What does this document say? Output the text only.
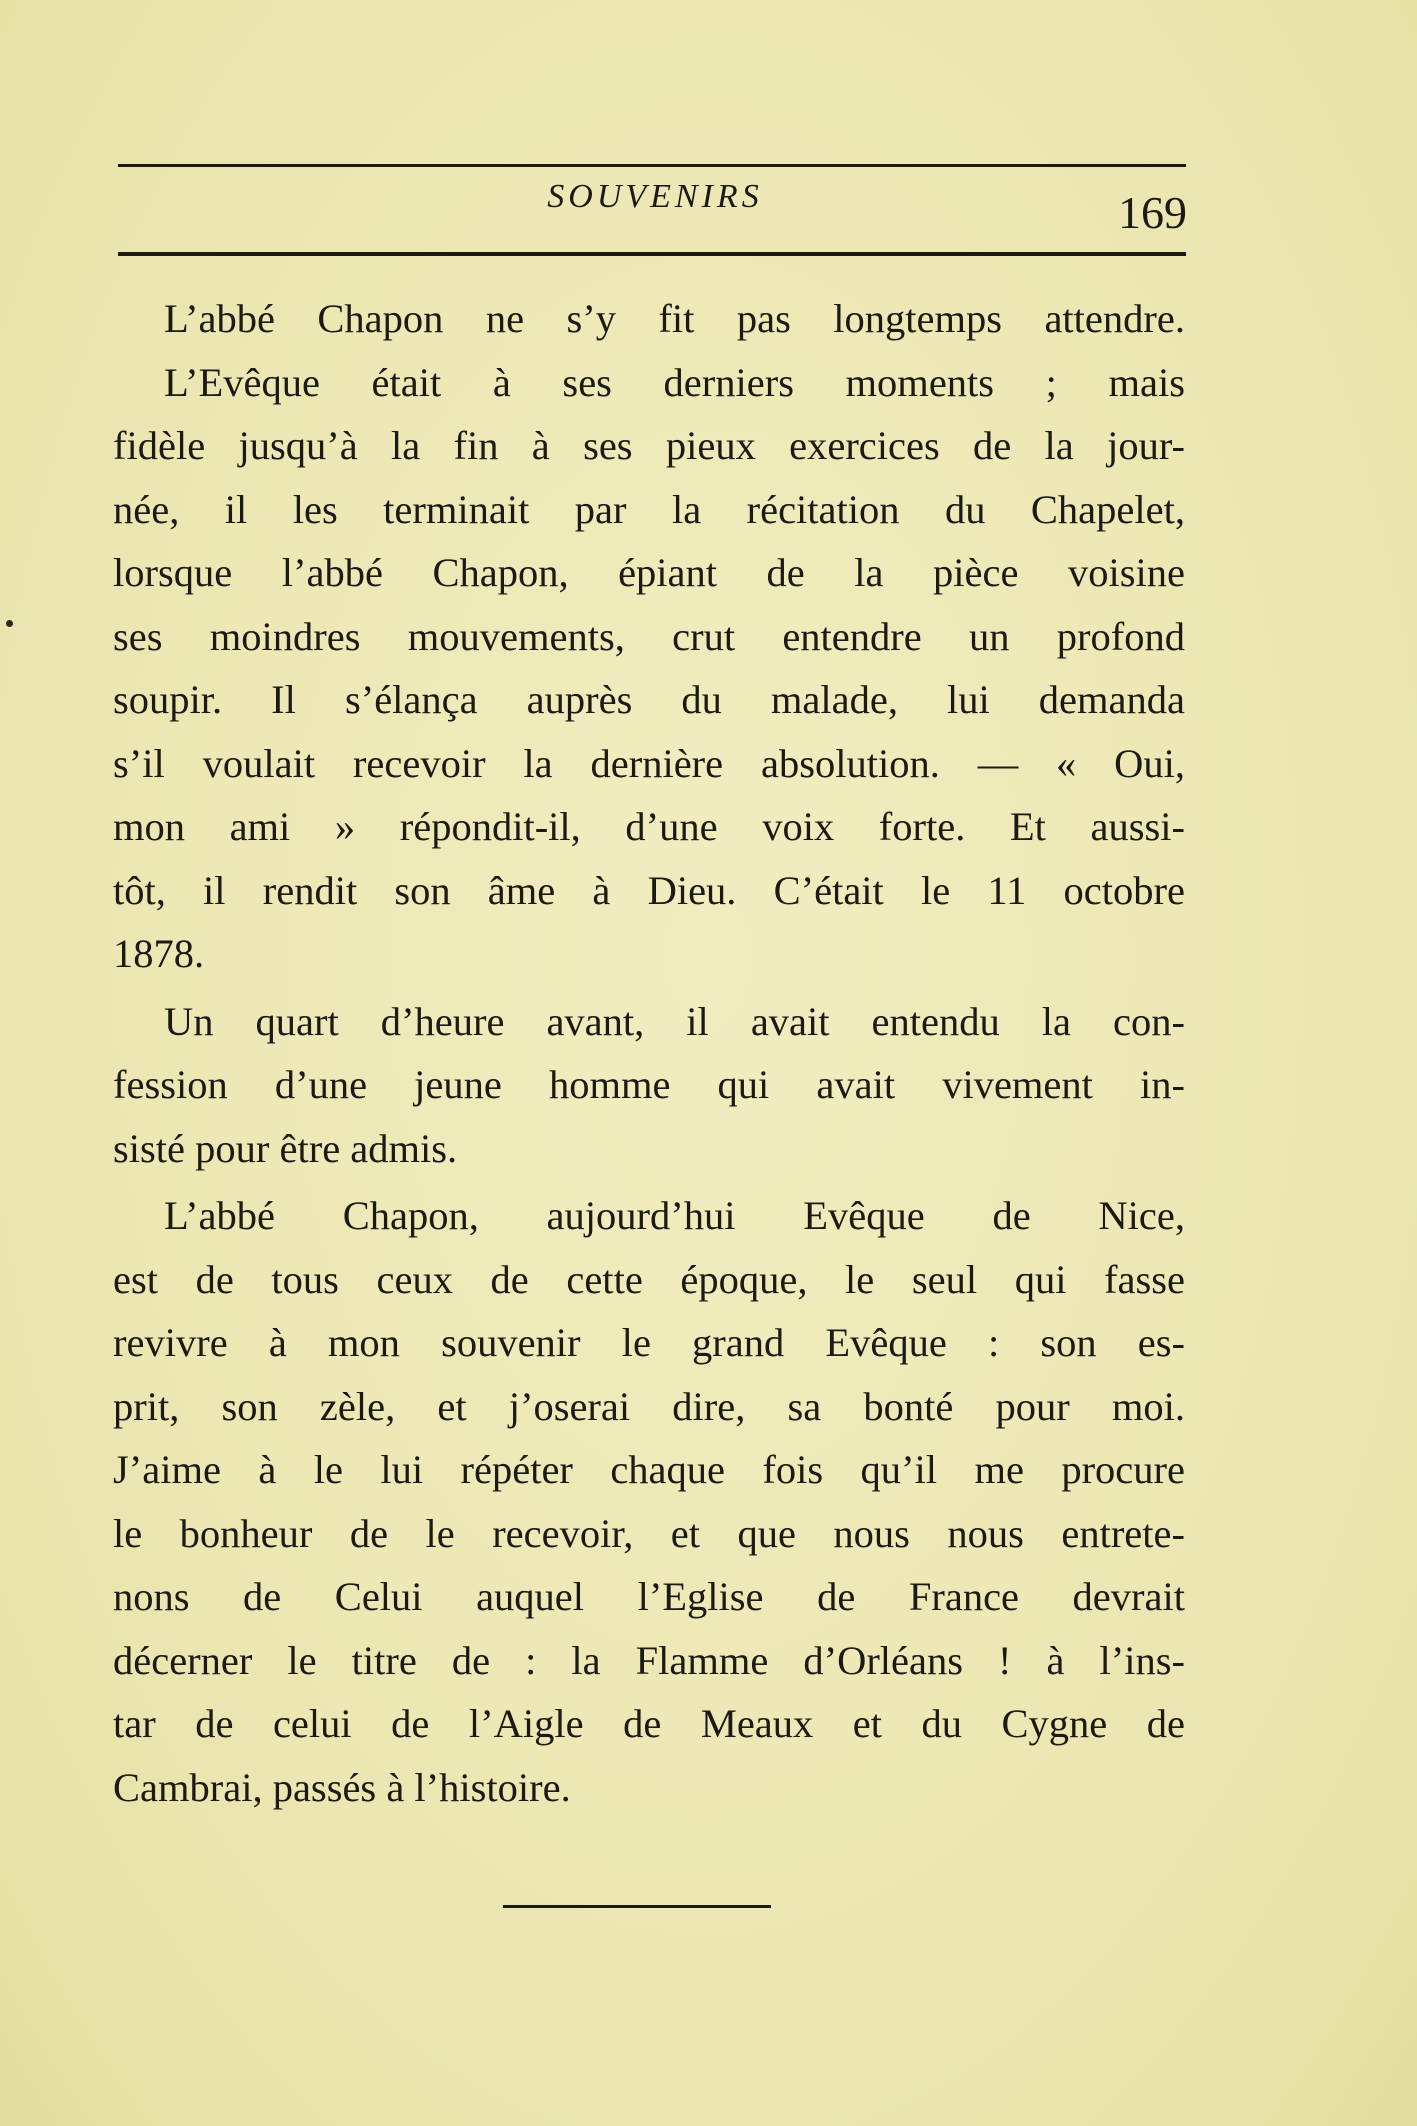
SOUVENIRS	169
L’abbé Chapon ne s’y fit pas longtemps attendre.
L’Evêque était à ses derniers moments ; mais
fidèle jusqu’à la fin à ses pieux exercices de la jour-
née, il les terminait par la récitation du Chapelet,
lorsque l’abbé Chapon, épiant de la pièce voisine
ses moindres mouvements, crut entendre un profond
soupir. Il s’élança auprès du malade, lui demanda
s’il voulait recevoir la dernière absolution. — « Oui,
mon ami » répondit-il, d’une voix forte. Et aussi-
tôt, il rendit son âme à Dieu. C’était le 11 octobre
1878.
Un quart d’heure avant, il avait entendu la con-
fession d’une jeune homme qui avait vivement in-
sisté pour être admis.
L’abbé Chapon, aujourd’hui Evêque de Nice,
est de tous ceux de cette époque, le seul qui fasse
revivre à mon souvenir le grand Evêque : son es-
prit, son zèle, et j’oserai dire, sa bonté pour moi.
J’aime à le lui répéter chaque fois qu’il me procure
le bonheur de le recevoir, et que nous nous entrete-
nons de Celui auquel l’Eglise de France devrait
décerner le titre de : la Flamme d’Orléans ! à l’ins-
tar de celui de l’Aigle de Meaux et du Cygne de
Cambrai, passés à l’histoire.
